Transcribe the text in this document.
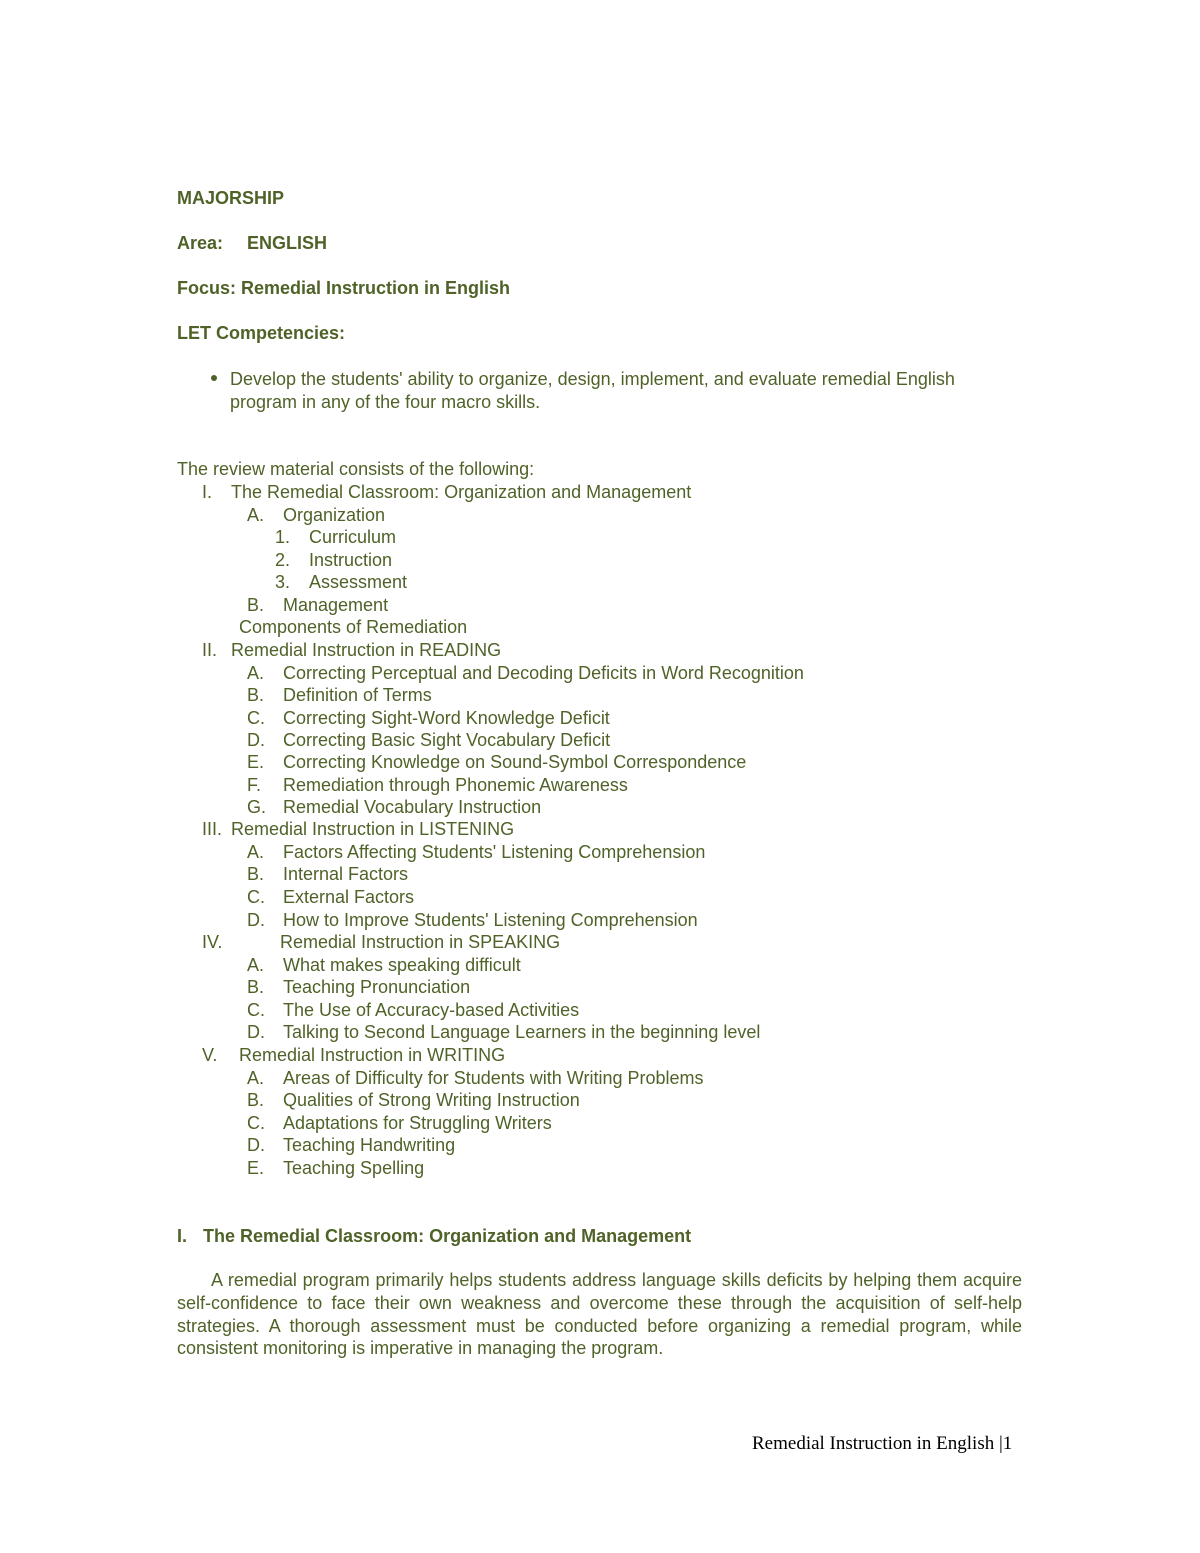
MAJORSHIP
Area: ENGLISH
Focus: Remedial Instruction in English
LET Competencies:
Develop the students' ability to organize, design, implement, and evaluate remedial English
program in any of the four macro skills.
The review material consists of the following:
I. The Remedial Classroom: Organization and Management
A. Organization
1. Curriculum
2. Instruction
3. Assessment
B. Management
Components of Remediation
II. Remedial Instruction in READING
A. Correcting Perceptual and Decoding Deficits in Word Recognition
B. Definition of Terms
C. Correcting Sight-Word Knowledge Deficit
D. Correcting Basic Sight Vocabulary Deficit
E. Correcting Knowledge on Sound-Symbol Correspondence
F. Remediation through Phonemic Awareness
G. Remedial Vocabulary Instruction
III. Remedial Instruction in LISTENING
A. Factors Affecting Students' Listening Comprehension
B. Internal Factors
C. External Factors
D. How to Improve Students' Listening Comprehension
IV.	Remedial Instruction in SPEAKING
A. What makes speaking difficult
B. Teaching Pronunciation
C. The Use of Accuracy-based Activities
D. Talking to Second Language Learners in the beginning level
V. Remedial Instruction in WRITING
A. Areas of Difficulty for Students with Writing Problems
B. Qualities of Strong Writing Instruction
C. Adaptations for Struggling Writers
D. Teaching Handwriting
E. Teaching Spelling
I. The Remedial Classroom: Organization and Management

A remedial program primarily helps students address language skills deficits by helping them acquire self-confidence to face their own weakness and overcome these through the acquisition of self-help strategies. A thorough assessment must be conducted before organizing a remedial program, while consistent monitoring is imperative in managing the program.

Remedial Instruction in English |1
